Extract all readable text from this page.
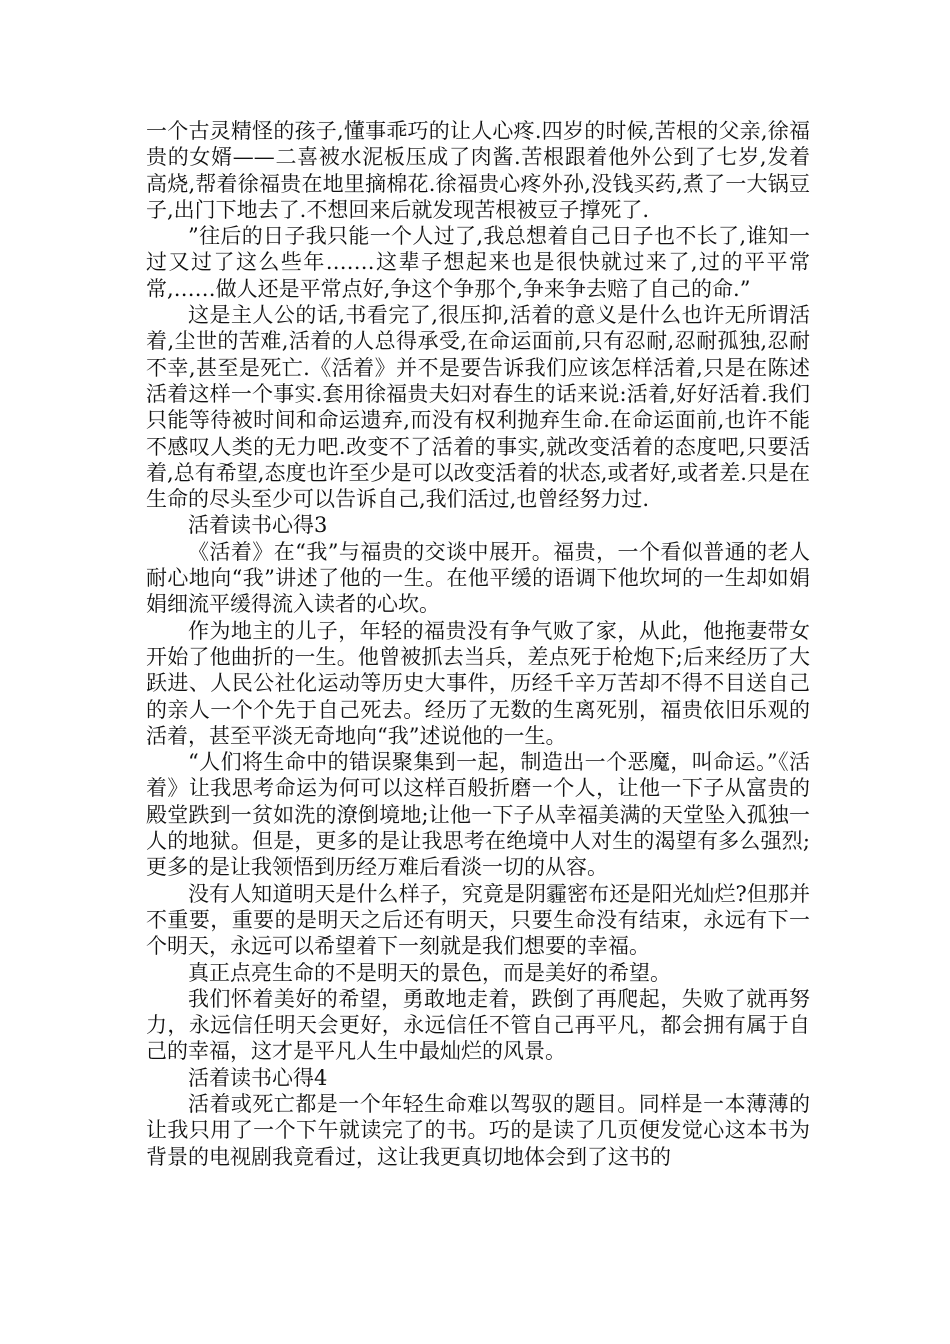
一个古灵精怪的孩子,懂事乖巧的让人心疼.四岁的时候,苦根的父亲,徐福贵的女婿——二喜被水泥板压成了肉酱.苦根跟着他外公到了七岁,发着高烧,帮着徐福贵在地里摘棉花.徐福贵心疼外孙,没钱买药,煮了一大锅豆子,出门下地去了.不想回来后就发现苦根被豆子撑死了.

”往后的日子我只能一个人过了,我总想着自己日子也不长了,谁知一过又过了这么些年.……这辈子想起来也是很快就过来了,过的平平常常,……做人还是平常点好,争这个争那个,争来争去赔了自己的命.”

这是主人公的话,书看完了,很压抑,活着的意义是什么也许无所谓活着,尘世的苦难,活着的人总得承受,在命运面前,只有忍耐,忍耐孤独,忍耐不幸,甚至是死亡.《活着》并不是要告诉我们应该怎样活着,只是在陈述活着这样一个事实.套用徐福贵夫妇对春生的话来说:活着,好好活着.我们只能等待被时间和命运遗弃,而没有权利抛弃生命.在命运面前,也许不能不感叹人类的无力吧.改变不了活着的事实,就改变活着的态度吧,只要活着,总有希望,态度也许至少是可以改变活着的状态,或者好,或者差.只是在生命的尽头至少可以告诉自己,我们活过,也曾经努力过.

活着读书心得3

《活着》在“我”与福贵的交谈中展开。福贵，一个看似普通的老人耐心地向“我”讲述了他的一生。在他平缓的语调下他坎坷的一生却如娟娟细流平缓得流入读者的心坎。

作为地主的儿子，年轻的福贵没有争气败了家，从此，他拖妻带女开始了他曲折的一生。他曾被抓去当兵，差点死于枪炮下;后来经历了大跃进、人民公社化运动等历史大事件，历经千辛万苦却不得不目送自己的亲人一个个先于自己死去。经历了无数的生离死别，福贵依旧乐观的活着，甚至平淡无奇地向“我”述说他的一生。

“人们将生命中的错误聚集到一起，制造出一个恶魔，叫命运。”《活着》让我思考命运为何可以这样百般折磨一个人，让他一下子从富贵的殿堂跌到一贫如洗的潦倒境地;让他一下子从幸福美满的天堂坠入孤独一人的地狱。但是，更多的是让我思考在绝境中人对生的渴望有多么强烈;更多的是让我领悟到历经万难后看淡一切的从容。

没有人知道明天是什么样子，究竟是阴霾密布还是阳光灿烂?但那并不重要，重要的是明天之后还有明天，只要生命没有结束，永远有下一个明天，永远可以希望着下一刻就是我们想要的幸福。

真正点亮生命的不是明天的景色，而是美好的希望。

我们怀着美好的希望，勇敢地走着，跌倒了再爬起，失败了就再努力，永远信任明天会更好，永远信任不管自己再平凡，都会拥有属于自己的幸福，这才是平凡人生中最灿烂的风景。

活着读书心得4

活着或死亡都是一个年轻生命难以驾驭的题目。同样是一本薄薄的让我只用了一个下午就读完了的书。巧的是读了几页便发觉心这本书为背景的电视剧我竟看过，这让我更真切地体会到了这书的
